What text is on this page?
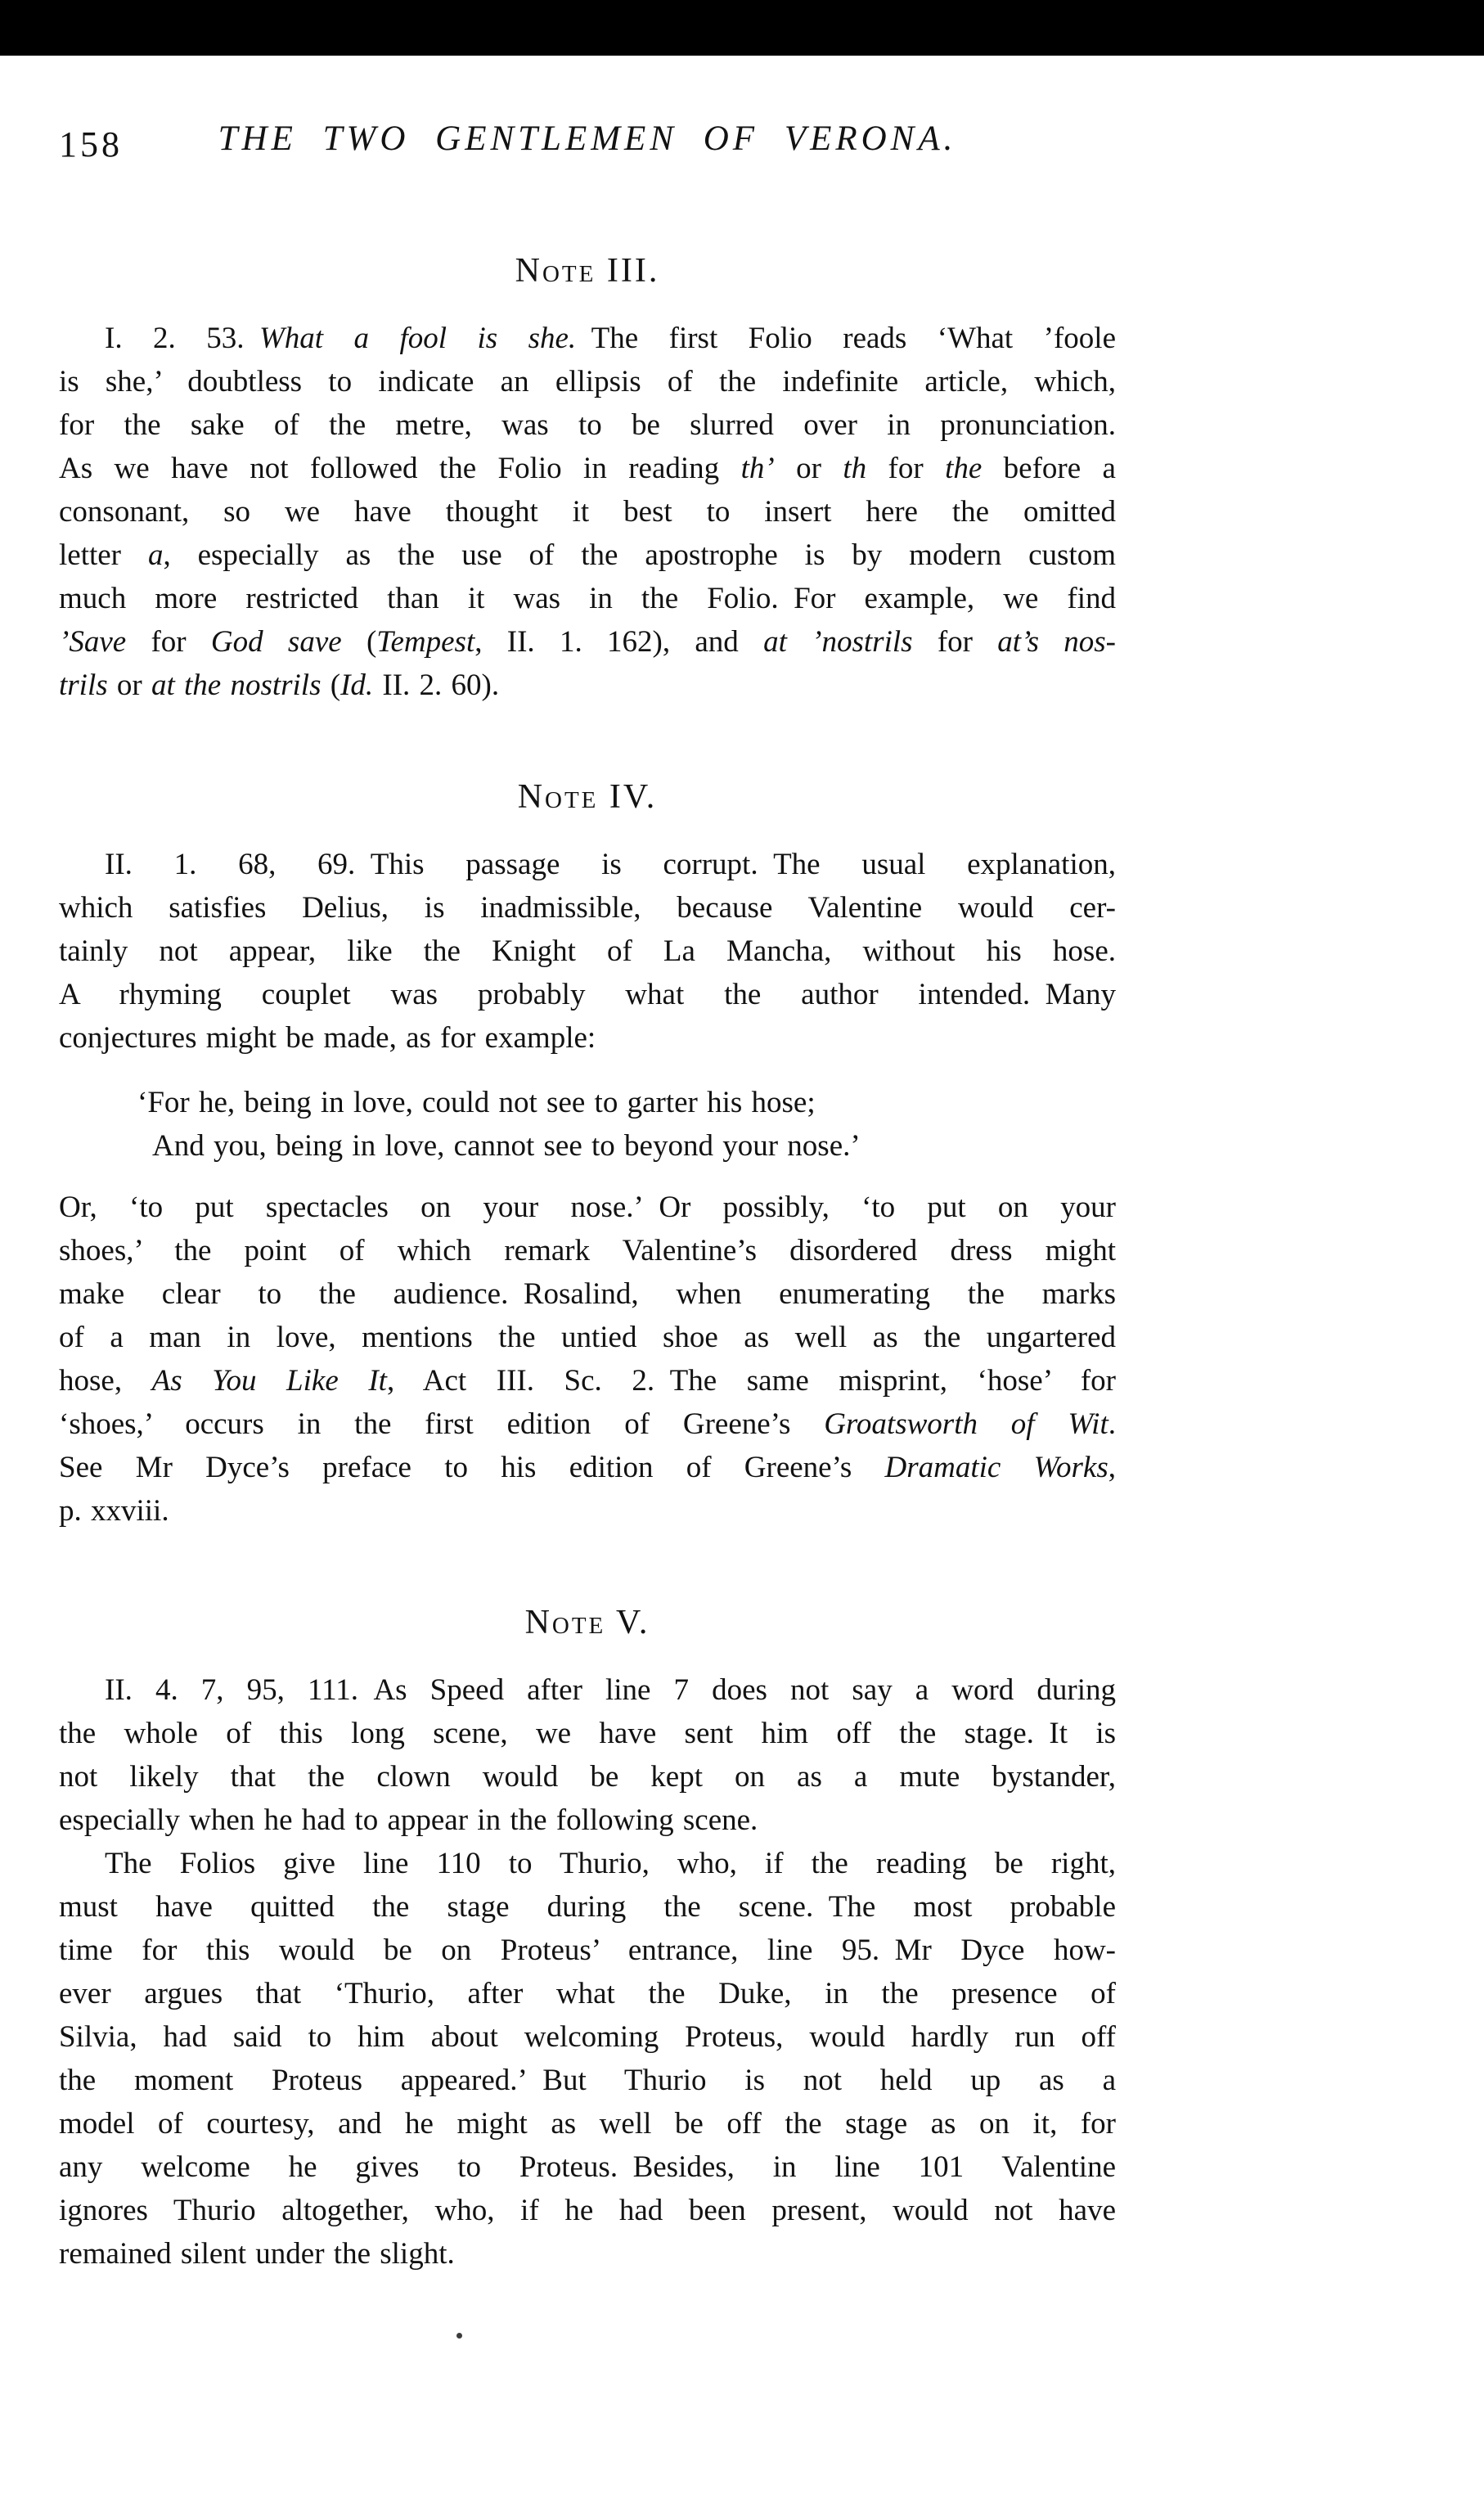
158	THE TWO GENTLEMEN OF VERONA.
Note III.
I. 2. 53. What a fool is she. The first Folio reads ‘What ’foole
is she,’ doubtless to indicate an ellipsis of the indefinite article, which,
for the sake of the metre, was to be slurred over in pronunciation.
As we have not followed the Folio in reading th’ or th for the before a
consonant, so we have thought it best to insert here the omitted
letter a, especially as the use of the apostrophe is by modern custom
much more restricted than it was in the Folio. For example, we find
’Save for God save (Tempest, II. 1. 162), and at ’nostrils for at’s nos-
trils or at the nostrils (Id. II. 2. 60).
Note IV.
II. 1. 68, 69. This passage is corrupt. The usual explanation,
which satisfies Delius, is inadmissible, because Valentine would cer-
tainly not appear, like the Knight of La Mancha, without his hose.
A rhyming couplet was probably what the author intended. Many
conjectures might be made, as for example:
‘For he, being in love, could not see to garter his hose;
And you, being in love, cannot see to beyond your nose.’
Or, ‘to put spectacles on your nose.’ Or possibly, ‘to put on your
shoes,’ the point of which remark Valentine’s disordered dress might
make clear to the audience. Rosalind, when enumerating the marks
of a man in love, mentions the untied shoe as well as the ungartered
hose, As You Like It, Act III. Sc. 2. The same misprint, ‘hose’ for
‘shoes,’ occurs in the first edition of Greene’s Groatsworth of Wit.
See Mr Dyce’s preface to his edition of Greene’s Dramatic Works,
p. xxviii.
Note V.
II. 4. 7, 95, 111. As Speed after line 7 does not say a word during
the whole of this long scene, we have sent him off the stage. It is
not likely that the clown would be kept on as a mute bystander,
especially when he had to appear in the following scene.
The Folios give line 110 to Thurio, who, if the reading be right,
must have quitted the stage during the scene. The most probable
time for this would be on Proteus’ entrance, line 95. Mr Dyce how-
ever argues that ‘Thurio, after what the Duke, in the presence of
Silvia, had said to him about welcoming Proteus, would hardly run off
the moment Proteus appeared.’ But Thurio is not held up as a
model of courtesy, and he might as well be off the stage as on it, for
any welcome he gives to Proteus. Besides, in line 101 Valentine
ignores Thurio altogether, who, if he had been present, would not have
remained silent under the slight.
